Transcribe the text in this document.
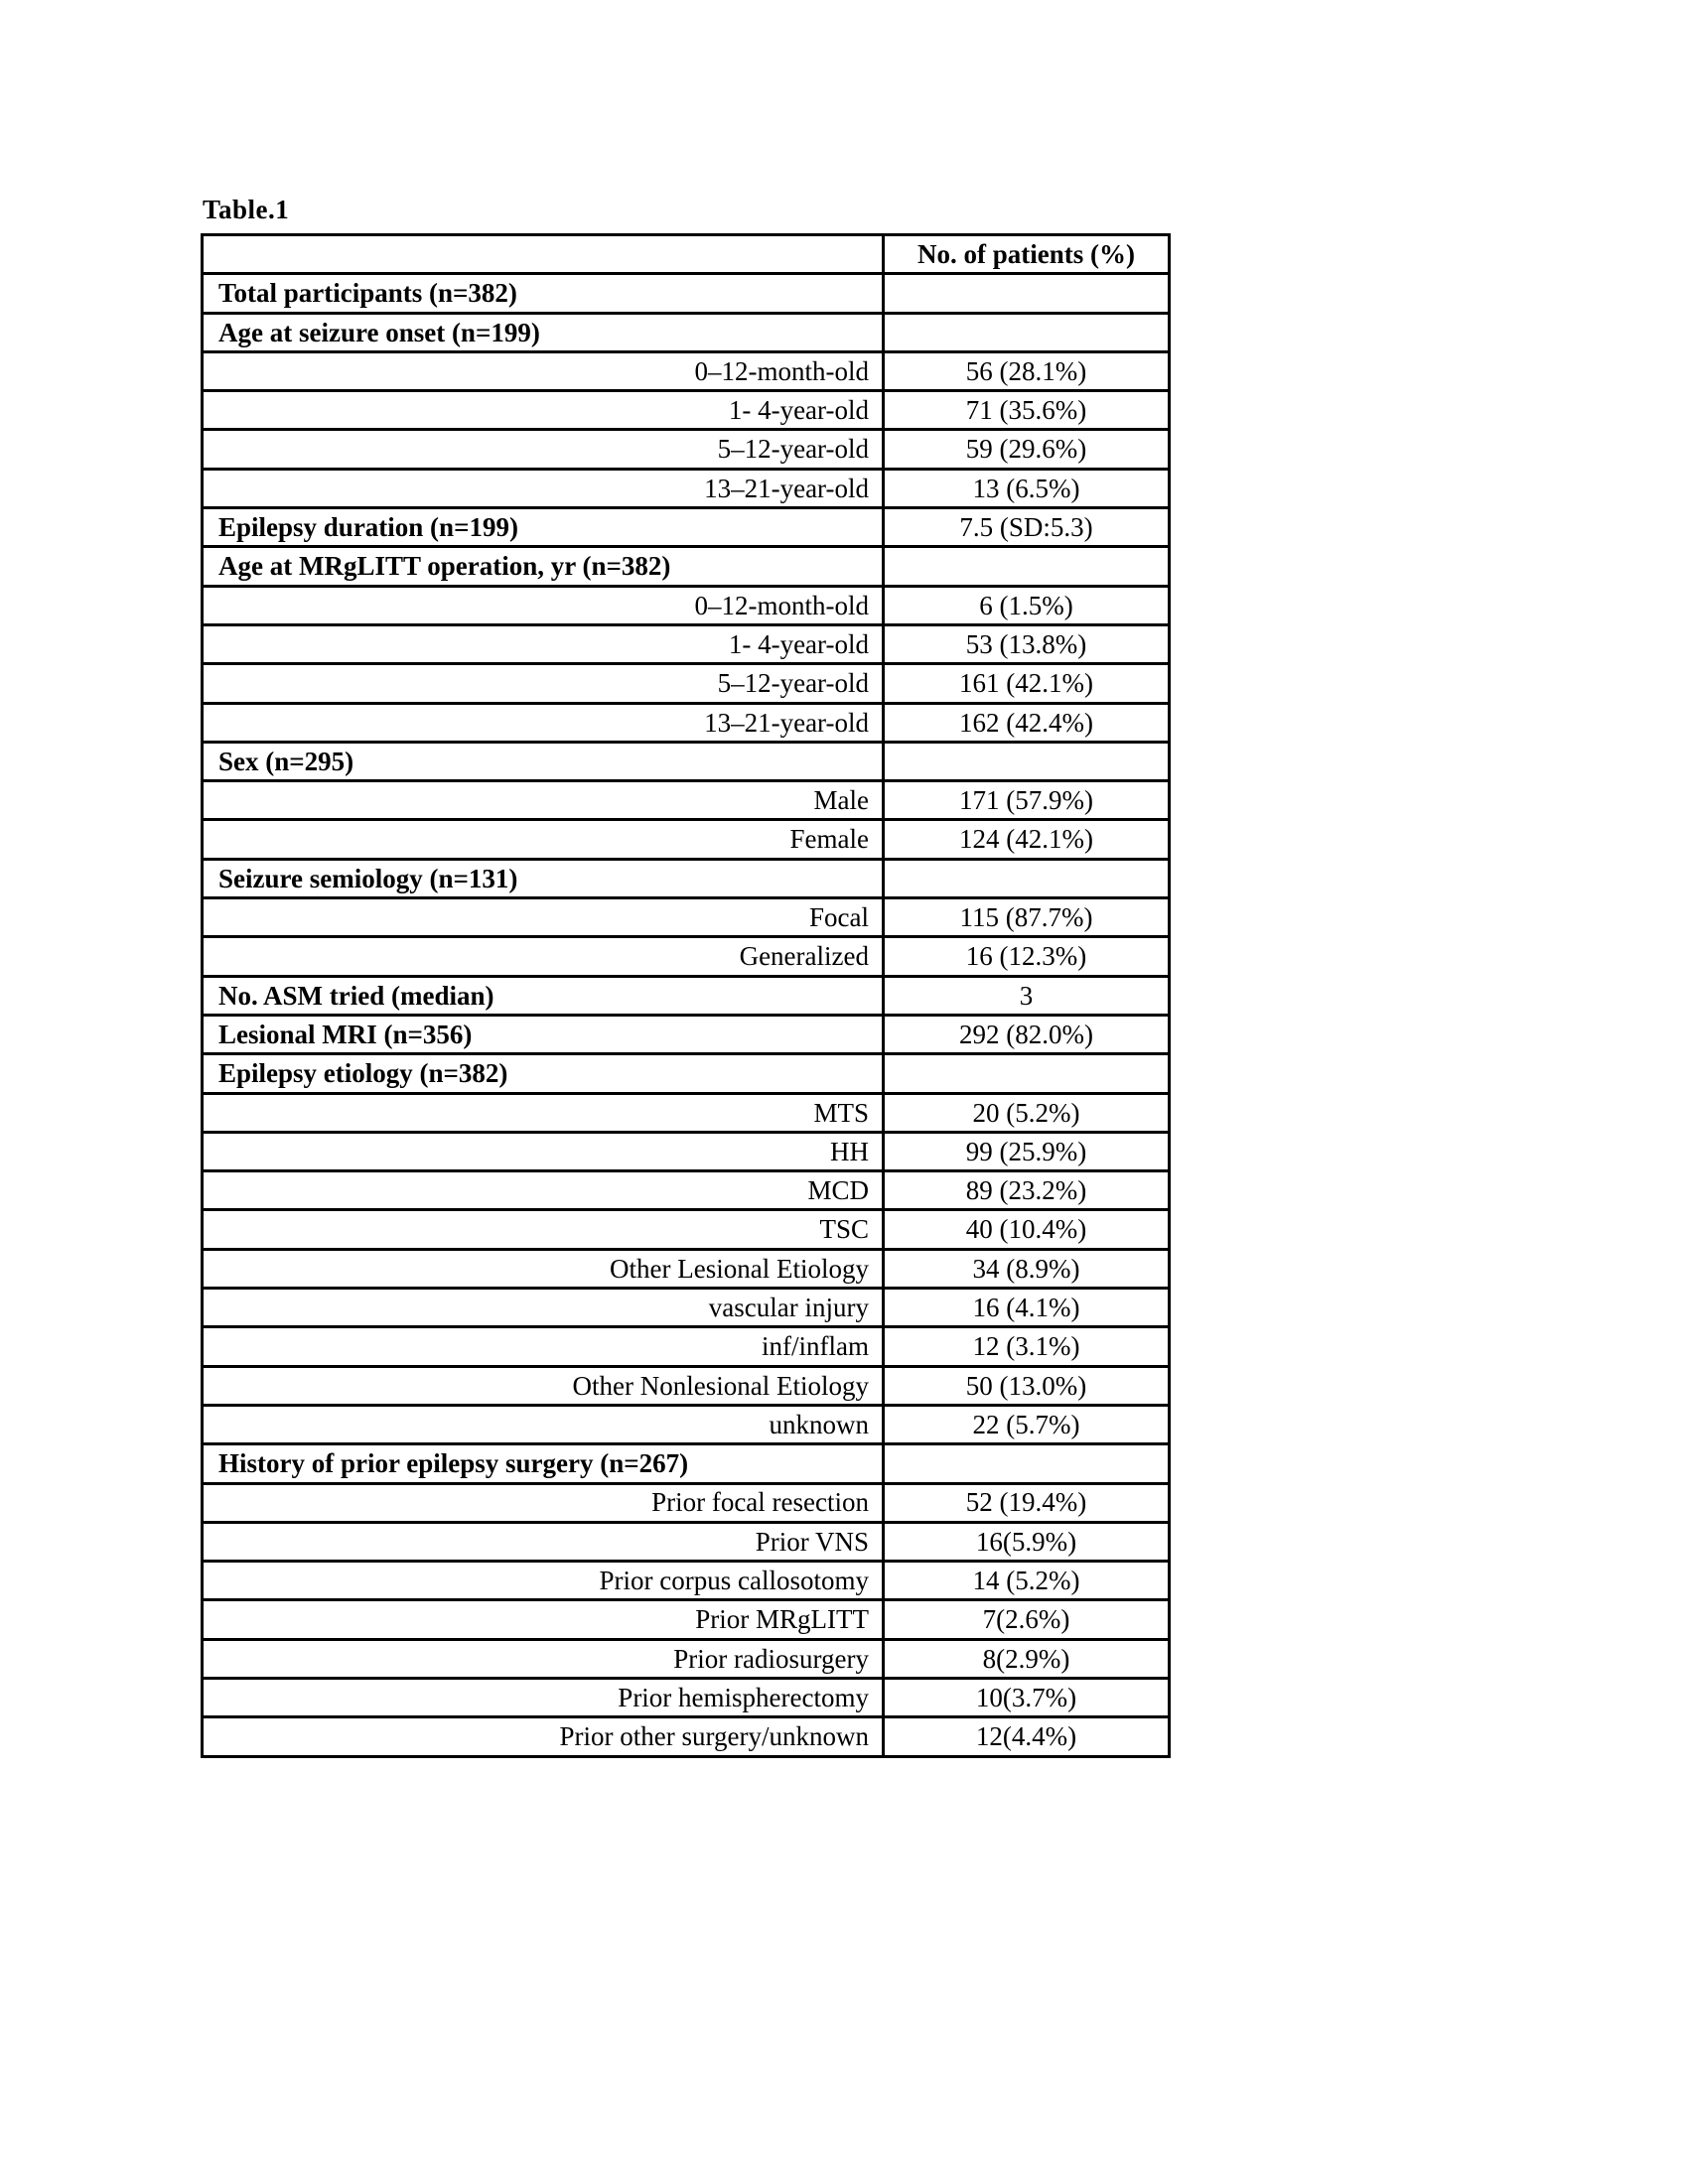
Table.1
	No. of patients (%)
Total participants (n=382)	
Age at seizure onset (n=199)	
0–12-month-old	56 (28.1%)
1- 4-year-old	71 (35.6%)
5–12-year-old	59 (29.6%)
13–21-year-old	13 (6.5%)
Epilepsy duration (n=199)	7.5 (SD:5.3)
Age at MRgLITT operation, yr (n=382)	
0–12-month-old	6 (1.5%)
1- 4-year-old	53 (13.8%)
5–12-year-old	161 (42.1%)
13–21-year-old	162 (42.4%)
Sex (n=295)	
Male	171 (57.9%)
Female	124 (42.1%)
Seizure semiology (n=131)	
Focal	115 (87.7%)
Generalized	16 (12.3%)
No. ASM tried (median)	3
Lesional MRI (n=356)	292 (82.0%)
Epilepsy etiology (n=382)	
MTS	20 (5.2%)
HH	99 (25.9%)
MCD	89 (23.2%)
TSC	40 (10.4%)
Other Lesional Etiology	34 (8.9%)
vascular injury	16 (4.1%)
inf/inflam	12 (3.1%)
Other Nonlesional Etiology	50 (13.0%)
unknown	22 (5.7%)
History of prior epilepsy surgery (n=267)	
Prior focal resection	52 (19.4%)
Prior VNS	16(5.9%)
Prior corpus callosotomy	14 (5.2%)
Prior MRgLITT	7(2.6%)
Prior radiosurgery	8(2.9%)
Prior hemispherectomy	10(3.7%)
Prior other surgery/unknown	12(4.4%)
